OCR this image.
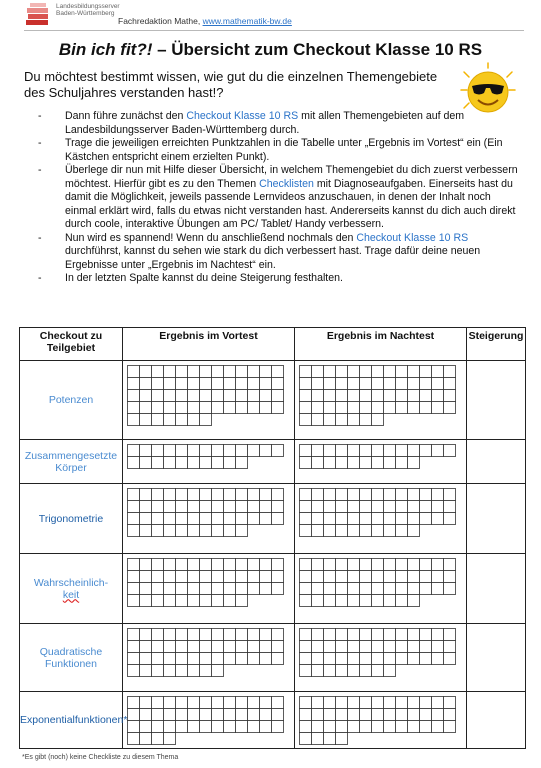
Landesbildungsserver
Baden-Württemberg
Fachredaktion Mathe, www.mathematik-bw.de
Bin ich fit?! – Übersicht zum Checkout Klasse 10 RS
Du möchtest bestimmt wissen, wie gut du die einzelnen Themengebiete des Schuljahres verstanden hast!?
- Dann führe zunächst den Checkout Klasse 10 RS mit allen Themengebieten auf dem Landesbildungsserver Baden-Württemberg durch.
- Trage die jeweiligen erreichten Punktzahlen in die Tabelle unter „Ergebnis im Vortest“ ein (Ein Kästchen entspricht einem erzielten Punkt).
- Überlege dir nun mit Hilfe dieser Übersicht, in welchem Themengebiet du dich zuerst verbessern möchtest. Hierfür gibt es zu den Themen Checklisten mit Diagnoseaufgaben. Einerseits hast du damit die Möglichkeit, jeweils passende Lernvideos anzuschauen, in denen der Inhalt noch einmal erklärt wird, falls du etwas nicht verstanden hast. Andererseits kannst du dich auch direkt durch coole, interaktive Übungen am PC/ Tablet/ Handy verbessern.
- Nun wird es spannend! Wenn du anschließend nochmals den Checkout Klasse 10 RS durchführst, kannst du sehen wie stark du dich verbessert hast. Trage dafür deine neuen Ergebnisse unter „Ergebnis im Nachtest“ ein.
- In der letzten Spalte kannst du deine Steigerung festhalten.
Checkout zu Teilgebiet	Ergebnis im Vortest	Ergebnis im Nachtest	Steigerung
Potenzen	

Zusammengesetzte Körper	

Trigonometrie	

Wahrscheinlich-
keit	

Quadratische Funktionen	

Exponentialfunktionen*	

*Es gibt (noch) keine Checkliste zu diesem Thema
